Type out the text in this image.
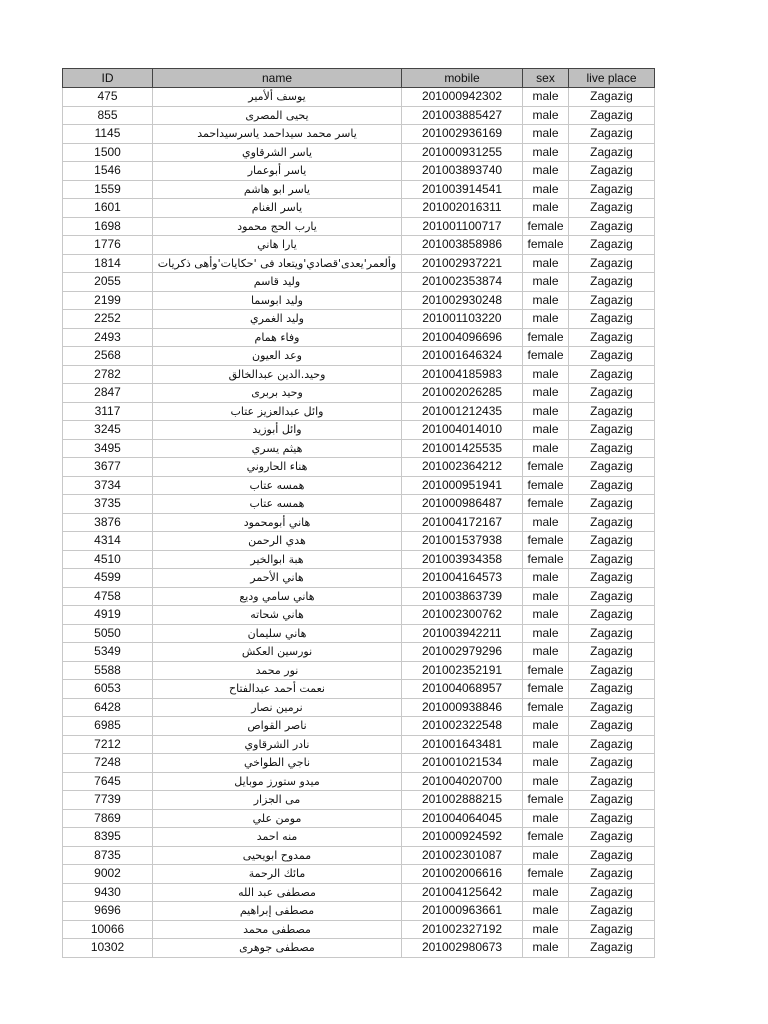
ID	name	mobile	sex	live place
475	يوسف ألأمير	201000942302	male	Zagazig
855	يحيى المصرى	201003885427	male	Zagazig
1145	ياسر محمد سيداحمد ياسرسيداحمد	201002936169	male	Zagazig
1500	ياسر الشرقاوي	201000931255	male	Zagazig
1546	ياسر أبوعمار	201003893740	male	Zagazig
1559	ياسر ابو هاشم	201003914541	male	Zagazig
1601	ياسر الغنام	201002016311	male	Zagazig
1698	يارب الحج محمود	201001100717	female	Zagazig
1776	يارا هاني	201003858986	female	Zagazig
1814	وألعمر'يعدى'قصادي'ويتعاد فى 'حكايات'وأهى ذكريات	201002937221	male	Zagazig
2055	وليد قاسم	201002353874	male	Zagazig
2199	وليد ابوسما	201002930248	male	Zagazig
2252	وليد الغمري	201001103220	male	Zagazig
2493	وفاء همام	201004096696	female	Zagazig
2568	وعد العيون	201001646324	female	Zagazig
2782	وحيد.الدين عبدالخالق	201004185983	male	Zagazig
2847	وحيد بربرى	201002026285	male	Zagazig
3117	وائل عبدالعزيز عتاب	201001212435	male	Zagazig
3245	وائل أبوزيد	201004014010	male	Zagazig
3495	هيثم يسري	201001425535	male	Zagazig
3677	هناء الحاروني	201002364212	female	Zagazig
3734	همسه عتاب	201000951941	female	Zagazig
3735	همسه عتاب	201000986487	female	Zagazig
3876	هاني أبومحمود	201004172167	male	Zagazig
4314	هدي الرحمن	201001537938	female	Zagazig
4510	هبة ابوالخير	201003934358	female	Zagazig
4599	هاني الأحمر	201004164573	male	Zagazig
4758	هاني سامي وديع	201003863739	male	Zagazig
4919	هاني شحاته	201002300762	male	Zagazig
5050	هاني سليمان	201003942211	male	Zagazig
5349	نورسين العكش	201002979296	male	Zagazig
5588	نور محمد	201002352191	female	Zagazig
6053	نعمت أحمد عبدالفتاح	201004068957	female	Zagazig
6428	نرمين نصار	201000938846	female	Zagazig
6985	ناصر القواص	201002322548	male	Zagazig
7212	نادر الشرقاوي	201001643481	male	Zagazig
7248	ناجي الطواخي	201001021534	male	Zagazig
7645	ميدو ستورز موبايل	201004020700	male	Zagazig
7739	مى الجزار	201002888215	female	Zagazig
7869	مومن علي	201004064045	male	Zagazig
8395	منه احمد	201000924592	female	Zagazig
8735	ممدوح ابويحيى	201002301087	male	Zagazig
9002	مائك الرحمة	201002006616	female	Zagazig
9430	مصطفى عبد الله	201004125642	male	Zagazig
9696	مصطفى إبراهيم	201000963661	male	Zagazig
10066	مصطفى محمد	201002327192	male	Zagazig
10302	مصطفى جوهرى	201002980673	male	Zagazig
